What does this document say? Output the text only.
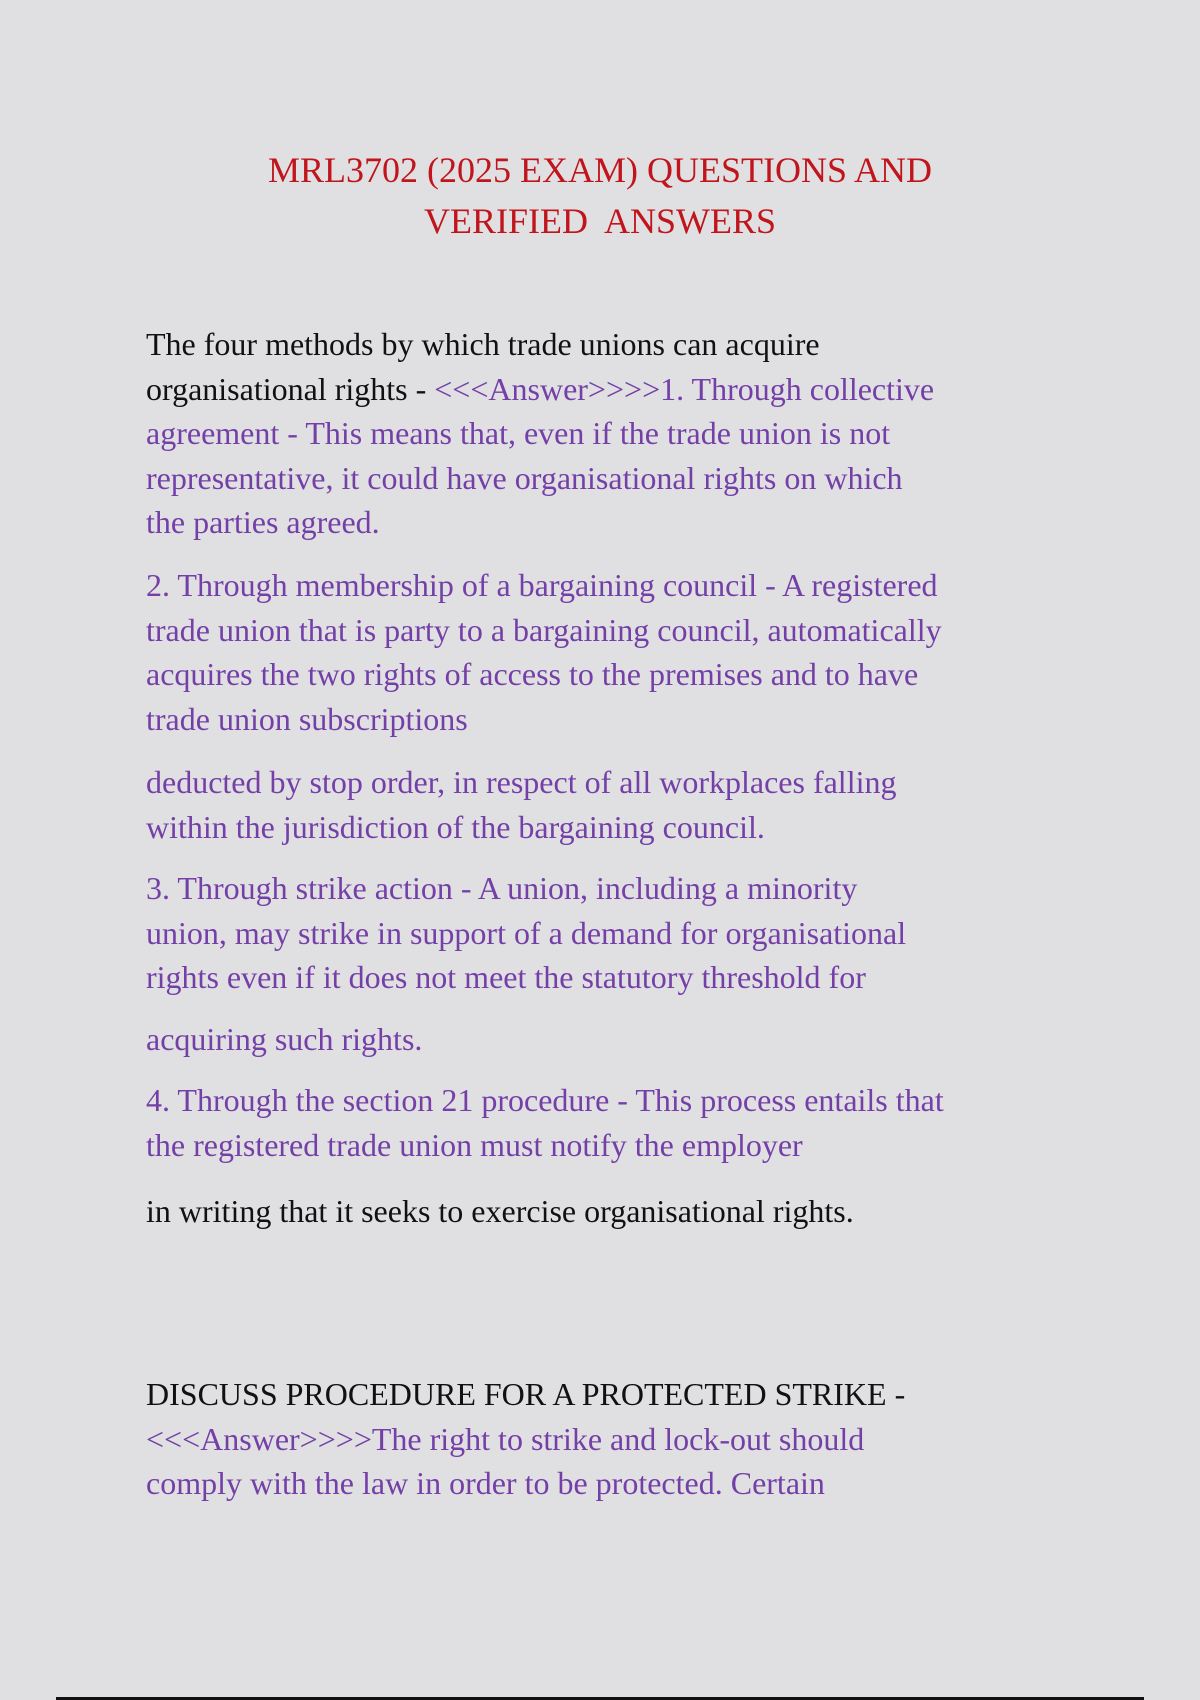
MRL3702 (2025 EXAM) QUESTIONS AND
VERIFIED  ANSWERS
The four methods by which trade unions can acquire
organisational rights - <<<Answer>>>>1. Through collective
agreement - This means that, even if the trade union is not
representative, it could have organisational rights on which
the parties agreed.
2. Through membership of a bargaining council - A registered
trade union that is party to a bargaining council, automatically
acquires the two rights of access to the premises and to have
trade union subscriptions
deducted by stop order, in respect of all workplaces falling
within the jurisdiction of the bargaining council.
3. Through strike action - A union, including a minority
union, may strike in support of a demand for organisational
rights even if it does not meet the statutory threshold for
acquiring such rights.
4. Through the section 21 procedure - This process entails that
the registered trade union must notify the employer
in writing that it seeks to exercise organisational rights.
DISCUSS PROCEDURE FOR A PROTECTED STRIKE -
<<<Answer>>>>The right to strike and lock-out should
comply with the law in order to be protected. Certain
